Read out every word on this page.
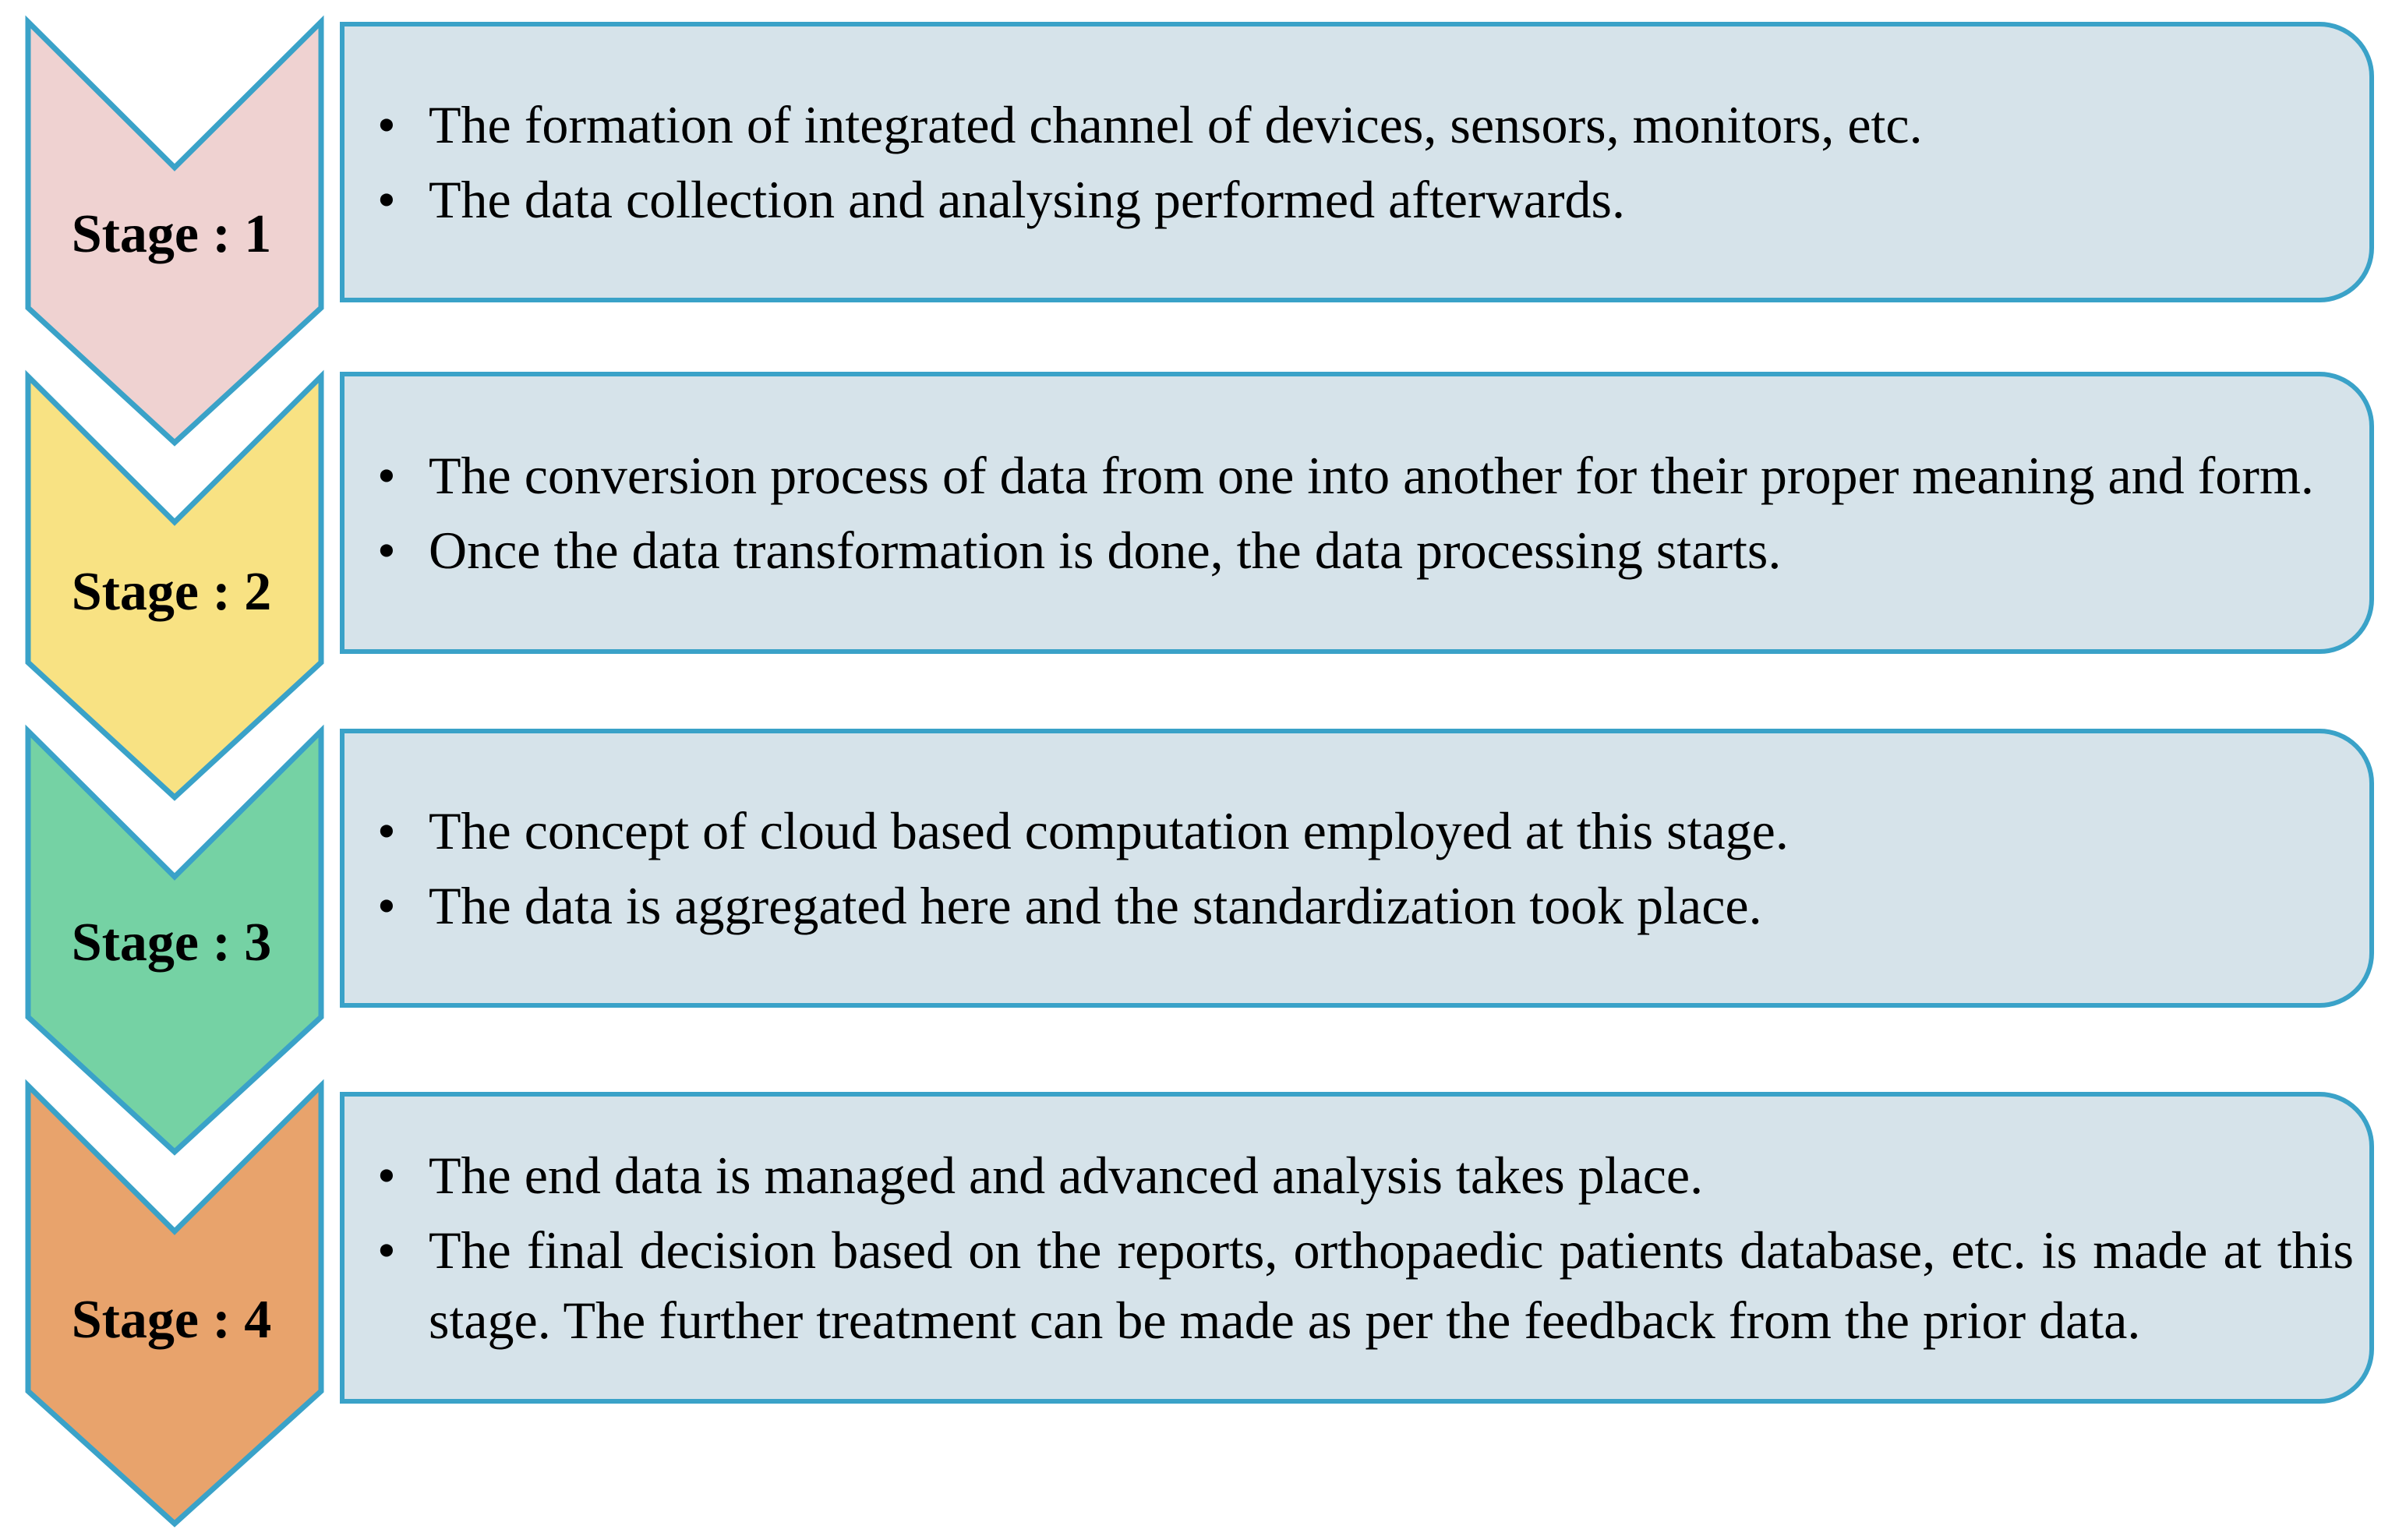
Stage : 1
• The formation of integrated channel of devices, sensors, monitors, etc.
• The data collection and analysing performed afterwards.
Stage : 2
• The conversion process of data from one into another for their proper meaning and form.
• Once the data transformation is done, the data processing starts.
Stage : 3
• The concept of cloud based computation employed at this stage.
• The data is aggregated here and the standardization took place.
Stage : 4
• The end data is managed and advanced analysis takes place.
• The final decision based on the reports, orthopaedic patients database, etc. is made at this stage. The further treatment can be made as per the feedback from the prior data.
